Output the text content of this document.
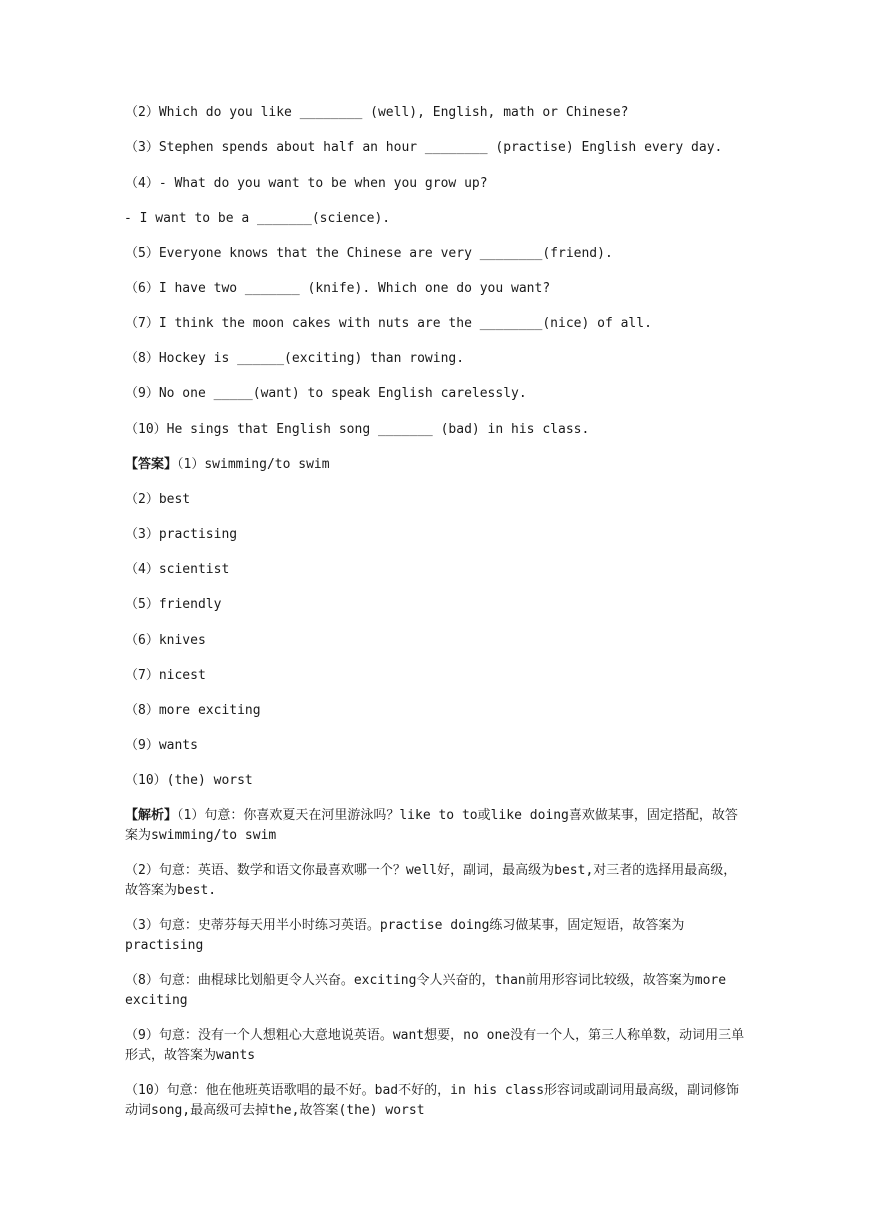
（2）Which do you like ________ (well), English, math or Chinese?
（3）Stephen spends about half an hour ________ (practise) English every day.
（4）- What do you want to be when you grow up?
- I want to be a _______(science).
（5）Everyone knows that the Chinese are very ________(friend).
（6）I have two _______ (knife). Which one do you want?
（7）I think the moon cakes with nuts are the ________(nice) of all.
（8）Hockey is ______(exciting) than rowing.
（9）No one _____(want) to speak English carelessly.
（10）He sings that English song _______ (bad) in his class.
【答案】（1）swimming/to swim
（2）best
（3）practising
（4）scientist
（5）friendly
（6）knives
（7）nicest
（8）more exciting
（9）wants
（10）(the) worst
【解析】（1）句意：你喜欢夏天在河里游泳吗？like to to或like doing喜欢做某事，固定搭配，故答案为swimming/to swim
（2）句意：英语、数学和语文你最喜欢哪一个？well好，副词，最高级为best,对三者的选择用最高级，故答案为best.
（3）句意：史蒂芬每天用半小时练习英语。practise doing练习做某事，固定短语，故答案为practising
（8）句意：曲棍球比划船更令人兴奋。exciting令人兴奋的，than前用形容词比较级，故答案为more exciting
（9）句意：没有一个人想粗心大意地说英语。want想要，no one没有一个人，第三人称单数，动词用三单形式，故答案为wants
（10）句意：他在他班英语歌唱的最不好。bad不好的，in his class形容词或副词用最高级，副词修饰动词song,最高级可去掉the,故答案(the) worst
